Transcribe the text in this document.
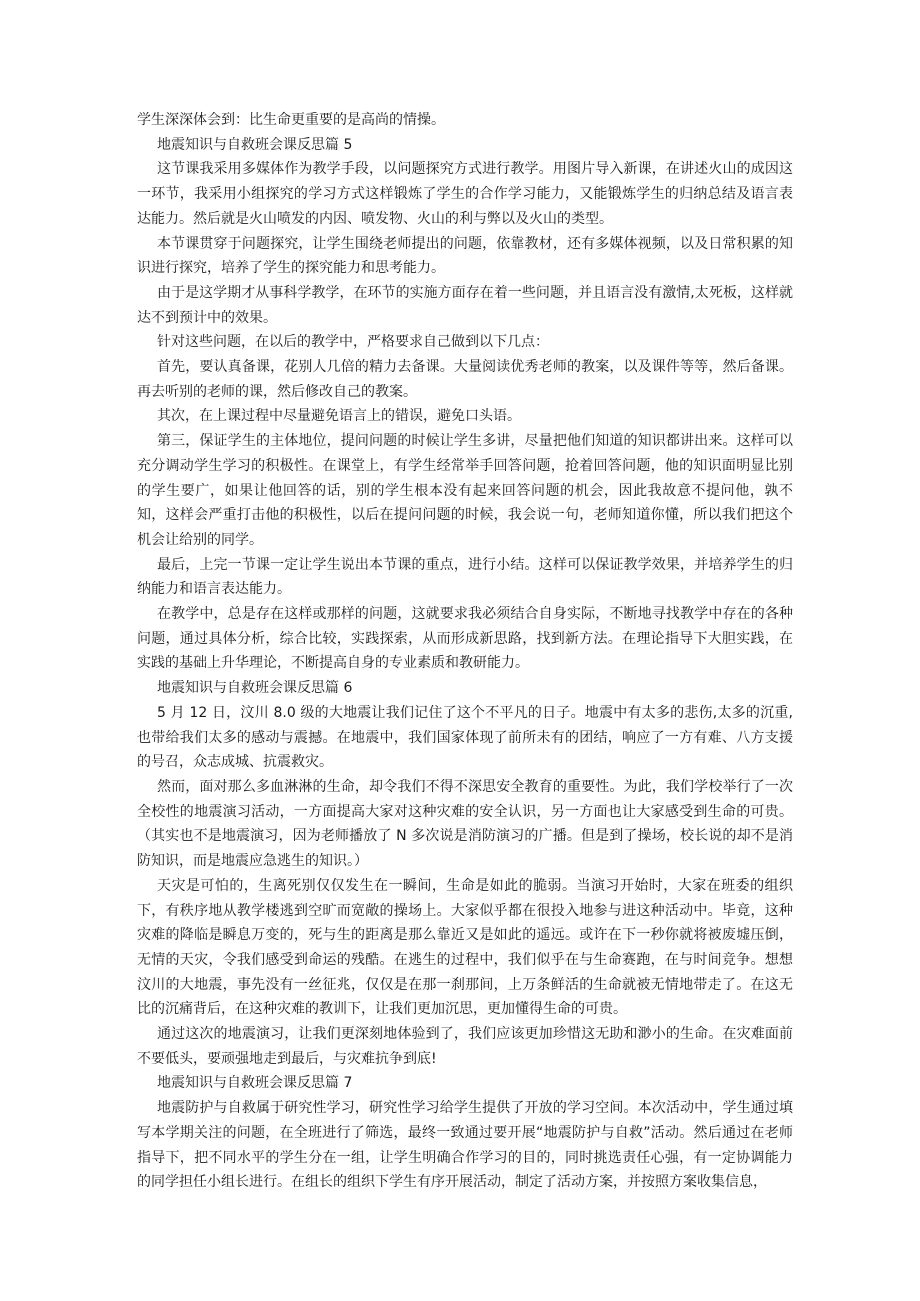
学生深深体会到：比生命更重要的是高尚的情操。

地震知识与自救班会课反思篇 5

这节课我采用多媒体作为教学手段，以问题探究方式进行教学。用图片导入新课，在讲述火山的成因这一环节，我采用小组探究的学习方式这样锻炼了学生的合作学习能力，又能锻炼学生的归纳总结及语言表达能力。然后就是火山喷发的内因、喷发物、火山的利与弊以及火山的类型。

本节课贯穿于问题探究，让学生围绕老师提出的问题，依靠教材，还有多媒体视频，以及日常积累的知识进行探究，培养了学生的探究能力和思考能力。

由于是这学期才从事科学教学，在环节的实施方面存在着一些问题，并且语言没有激情,太死板，这样就达不到预计中的效果。

针对这些问题，在以后的教学中，严格要求自己做到以下几点：

首先，要认真备课，花别人几倍的精力去备课。大量阅读优秀老师的教案，以及课件等等，然后备课。再去听别的老师的课，然后修改自己的教案。

其次，在上课过程中尽量避免语言上的错误，避免口头语。

第三，保证学生的主体地位，提问问题的时候让学生多讲，尽量把他们知道的知识都讲出来。这样可以充分调动学生学习的积极性。在课堂上，有学生经常举手回答问题，抢着回答问题，他的知识面明显比别的学生要广，如果让他回答的话，别的学生根本没有起来回答问题的机会，因此我故意不提问他，孰不知，这样会严重打击他的积极性，以后在提问问题的时候，我会说一句，老师知道你懂，所以我们把这个机会让给别的同学。

最后，上完一节课一定让学生说出本节课的重点，进行小结。这样可以保证教学效果，并培养学生的归纳能力和语言表达能力。

在教学中，总是存在这样或那样的问题，这就要求我必须结合自身实际，不断地寻找教学中存在的各种问题，通过具体分析，综合比较，实践探索，从而形成新思路，找到新方法。在理论指导下大胆实践，在实践的基础上升华理论，不断提高自身的专业素质和教研能力。

地震知识与自救班会课反思篇 6

5 月 12 日，汶川 8.0 级的大地震让我们记住了这个不平凡的日子。地震中有太多的悲伤,太多的沉重,也带给我们太多的感动与震撼。在地震中，我们国家体现了前所未有的团结，响应了一方有难、八方支援的号召，众志成城、抗震救灾。

然而，面对那么多血淋淋的生命，却令我们不得不深思安全教育的重要性。为此，我们学校举行了一次全校性的地震演习活动，一方面提高大家对这种灾难的安全认识，另一方面也让大家感受到生命的可贵。（其实也不是地震演习，因为老师播放了 N 多次说是消防演习的广播。但是到了操场，校长说的却不是消防知识，而是地震应急逃生的知识。）

天灾是可怕的，生离死别仅仅发生在一瞬间，生命是如此的脆弱。当演习开始时，大家在班委的组织下，有秩序地从教学楼逃到空旷而宽敞的操场上。大家似乎都在很投入地参与进这种活动中。毕竟，这种灾难的降临是瞬息万变的，死与生的距离是那么靠近又是如此的遥远。或许在下一秒你就将被废墟压倒，无情的天灾，令我们感受到命运的残酷。在逃生的过程中，我们似乎在与生命赛跑，在与时间竞争。想想汶川的大地震，事先没有一丝征兆，仅仅是在那一刹那间，上万条鲜活的生命就被无情地带走了。在这无比的沉痛背后，在这种灾难的教训下，让我们更加沉思，更加懂得生命的可贵。

通过这次的地震演习，让我们更深刻地体验到了，我们应该更加珍惜这无助和渺小的生命。在灾难面前不要低头，要顽强地走到最后，与灾难抗争到底!

地震知识与自救班会课反思篇 7

地震防护与自救属于研究性学习，研究性学习给学生提供了开放的学习空间。本次活动中，学生通过填写本学期关注的问题，在全班进行了筛选，最终一致通过要开展“地震防护与自救”活动。然后通过在老师指导下，把不同水平的学生分在一组，让学生明确合作学习的目的，同时挑选责任心强，有一定协调能力的同学担任小组长进行。在组长的组织下学生有序开展活动，制定了活动方案，并按照方案收集信息，
